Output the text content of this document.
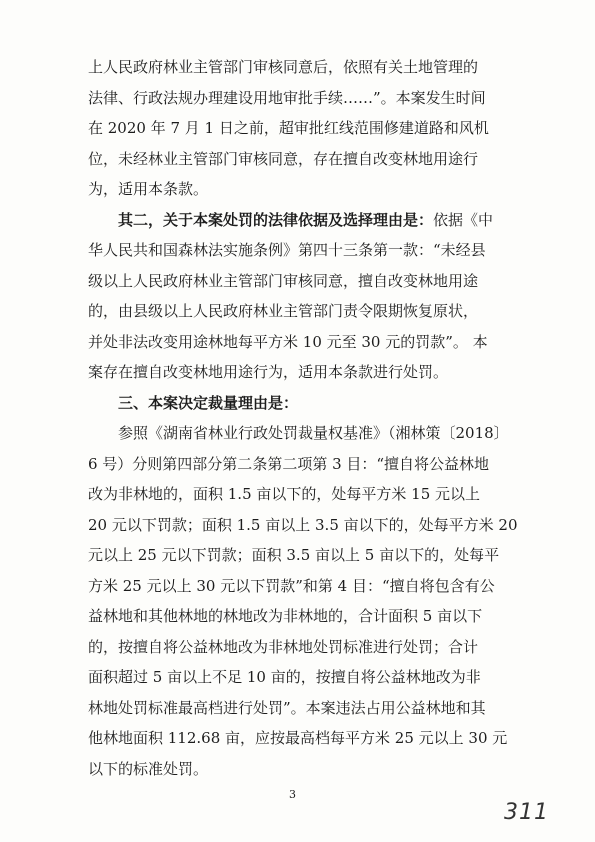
上人民政府林业主管部门审核同意后，依照有关土地管理的
法律、行政法规办理建设用地审批手续……”。本案发生时间
在 2020 年 7 月 1 日之前，超审批红线范围修建道路和风机
位，未经林业主管部门审核同意，存在擅自改变林地用途行
为，适用本条款。
其二，关于本案处罚的法律依据及选择理由是：依据《中
华人民共和国森林法实施条例》第四十三条第一款：“未经县
级以上人民政府林业主管部门审核同意，擅自改变林地用途
的，由县级以上人民政府林业主管部门责令限期恢复原状，
并处非法改变用途林地每平方米 10 元至 30 元的罚款”。 本
案存在擅自改变林地用途行为，适用本条款进行处罚。
三、本案决定裁量理由是：
参照《湖南省林业行政处罚裁量权基准》（湘林策〔2018〕
6 号）分则第四部分第二条第二项第 3 目：“擅自将公益林地
改为非林地的，面积 1.5 亩以下的，处每平方米 15 元以上
20 元以下罚款；面积 1.5 亩以上 3.5 亩以下的，处每平方米 20
元以上 25 元以下罚款；面积 3.5 亩以上 5 亩以下的，处每平
方米 25 元以上 30 元以下罚款”和第 4 目：“擅自将包含有公
益林地和其他林地的林地改为非林地的，合计面积 5 亩以下
的，按擅自将公益林地改为非林地处罚标准进行处罚；合计
面积超过 5 亩以上不足 10 亩的，按擅自将公益林地改为非
林地处罚标准最高档进行处罚”。本案违法占用公益林地和其
他林地面积 112.68 亩，应按最高档每平方米 25 元以上 30 元
以下的标准处罚。
3
311
